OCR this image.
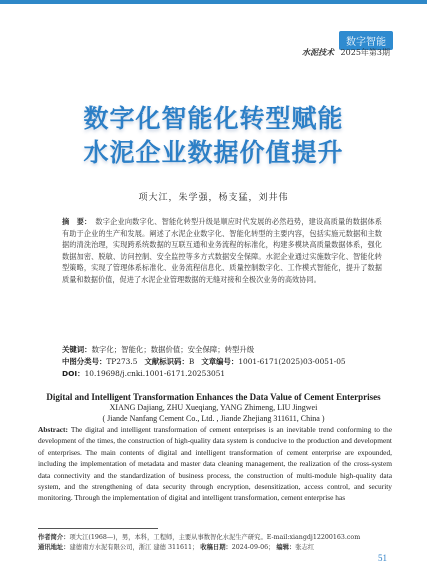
数字智能
水泥技术 2025年第3期
数字化智能化转型赋能
水泥企业数据价值提升
项大江，朱学强，杨支猛，刘井伟
摘　要： 数字企业向数字化、智能化转型升级是顺应时代发展的必然趋势，建设高质量的数据体系有助于企业的生产和发展。阐述了水泥企业数字化、智能化转型的主要内容，包括实施元数据和主数据的清洗治理，实现跨系统数据的互联互通和业务流程的标准化，构建多模块高质量数据体系，强化数据加密、脱敏、访问控制、安全监控等多方式数据安全保障。水泥企业通过实施数字化、智能化转型策略，实现了管理体系标准化、业务流程信息化、质量控制数字化、工作模式智能化，提升了数据质量和数据价值，促进了水泥企业管理数据的无缝对接和全极次业务的高效协同。
关键词：数字化；智能化；数据价值；安全保障；转型升级
中图分类号：TP273.5 文献标识码：B 文章编号：1001-6171(2025)03-0051-05
DOI：10.19698/j.cnki.1001-6171.20253051
Digital and Intelligent Transformation Enhances the Data Value of Cement Enterprises
XIANG Dajiang, ZHU Xueqiang, YANG Zhimeng, LIU Jingwei
( Jiande Nanfang Cement Co., Ltd. , Jiande Zhejiang 311611, China )
Abstract: The digital and intelligent transformation of cement enterprises is an inevitable trend conforming to the development of the times, the construction of high-quality data system is conducive to the production and development of enterprises. The main contents of digital and intelligent transformation of cement enterprise are expounded, including the implementation of metadata and master data cleaning management, the realization of the cross-system data connectivity and the standardization of business process, the construction of multi-module high-quality data system, and the strengthening of data security through encryption, desensitization, access control, and security monitoring. Through the implementation of digital and intelligent transformation, cement enterprise has
作者简介：项大江(1968—)，男，本科，工程师，主要从事数智化水泥生产研究。E-mail:xiangdj12200163.com
通讯地址：建德南方水泥有限公司，浙江 建德 311611； 收稿日期：2024-09-06； 编辑：张志红
51
